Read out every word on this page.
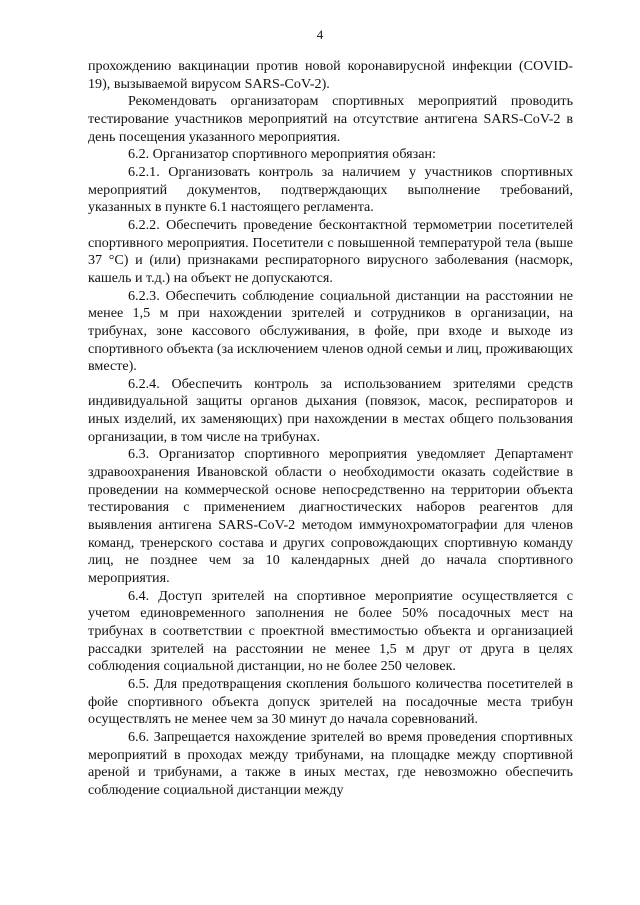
4

прохождению вакцинации против новой коронавирусной инфекции (COVID-19), вызываемой вирусом SARS-CoV-2).

Рекомендовать организаторам спортивных мероприятий проводить тестирование участников мероприятий на отсутствие антигена SARS-CoV-2 в день посещения указанного мероприятия.

6.2. Организатор спортивного мероприятия обязан:

6.2.1. Организовать контроль за наличием у участников спортивных мероприятий документов, подтверждающих выполнение требований, указанных в пункте 6.1 настоящего регламента.

6.2.2. Обеспечить проведение бесконтактной термометрии посетителей спортивного мероприятия. Посетители с повышенной температурой тела (выше 37 °C) и (или) признаками респираторного вирусного заболевания (насморк, кашель и т.д.) на объект не допускаются.

6.2.3. Обеспечить соблюдение социальной дистанции на расстоянии не менее 1,5 м при нахождении зрителей и сотрудников в организации, на трибунах, зоне кассового обслуживания, в фойе, при входе и выходе из спортивного объекта (за исключением членов одной семьи и лиц, проживающих вместе).

6.2.4. Обеспечить контроль за использованием зрителями средств индивидуальной защиты органов дыхания (повязок, масок, респираторов и иных изделий, их заменяющих) при нахождении в местах общего пользования организации, в том числе на трибунах.

6.3. Организатор спортивного мероприятия уведомляет Департамент здравоохранения Ивановской области о необходимости оказать содействие в проведении на коммерческой основе непосредственно на территории объекта тестирования с применением диагностических наборов реагентов для выявления антигена SARS-CoV-2 методом иммунохроматографии для членов команд, тренерского состава и других сопровождающих спортивную команду лиц, не позднее чем за 10 календарных дней до начала спортивного мероприятия.

6.4. Доступ зрителей на спортивное мероприятие осуществляется с учетом единовременного заполнения не более 50% посадочных мест на трибунах в соответствии с проектной вместимостью объекта и организацией рассадки зрителей на расстоянии не менее 1,5 м друг от друга в целях соблюдения социальной дистанции, но не более 250 человек.

6.5. Для предотвращения скопления большого количества посетителей в фойе спортивного объекта допуск зрителей на посадочные места трибун осуществлять не менее чем за 30 минут до начала соревнований.

6.6. Запрещается нахождение зрителей во время проведения спортивных мероприятий в проходах между трибунами, на площадке между спортивной ареной и трибунами, а также в иных местах, где невозможно обеспечить соблюдение социальной дистанции между
